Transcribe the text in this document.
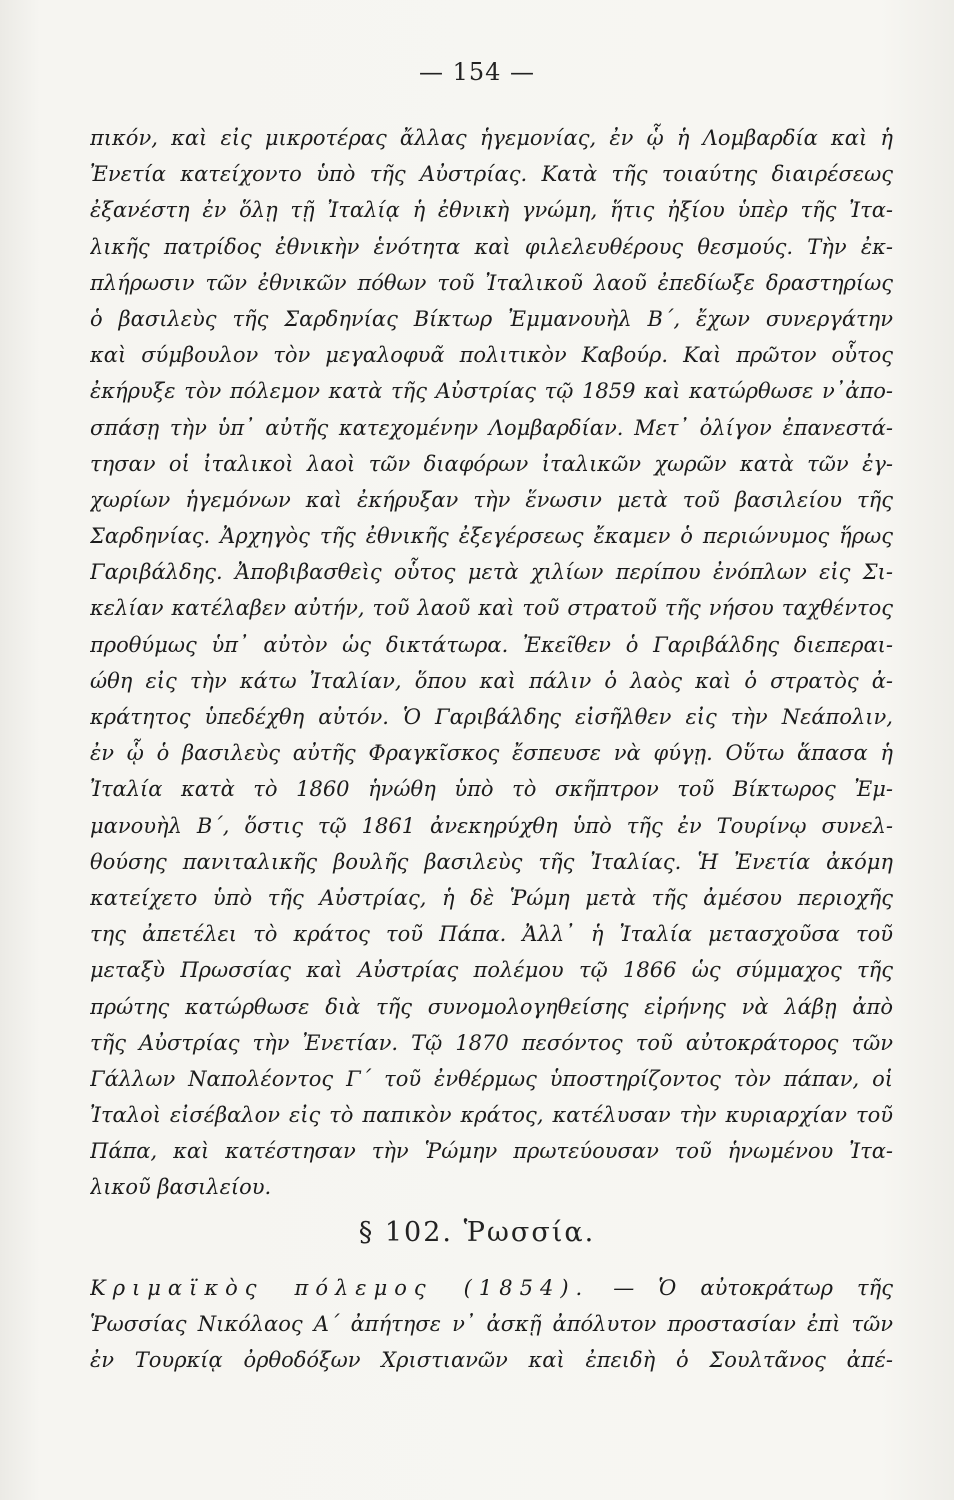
— 154 —
πικόν, καὶ εἰς μικροτέρας ἄλλας ἡγεμονίας, ἐν ᾧ ἡ Λομβαρδία καὶ ἡ
Ἐνετία κατείχοντο ὑπὸ τῆς Αὐστρίας. Κατὰ τῆς τοιαύτης διαιρέσεως
ἐξανέστη ἐν ὅλῃ τῇ Ἰταλίᾳ ἡ ἐθνικὴ γνώμη, ἥτις ἠξίου ὑπὲρ τῆς Ἰτα-
λικῆς πατρίδος ἐθνικὴν ἑνότητα καὶ φιλελευθέρους θεσμούς. Τὴν ἐκ-
πλήρωσιν τῶν ἐθνικῶν πόθων τοῦ Ἰταλικοῦ λαοῦ ἐπεδίωξε δραστηρίως
ὁ βασιλεὺς τῆς Σαρδηνίας Βίκτωρ Ἐμμανουὴλ Β΄, ἔχων συνεργάτην
καὶ σύμβουλον τὸν μεγαλοφυᾶ πολιτικὸν Καβούρ. Καὶ πρῶτον οὗτος
ἐκήρυξε τὸν πόλεμον κατὰ τῆς Αὐστρίας τῷ 1859 καὶ κατώρθωσε ν᾽ἀπο-
σπάσῃ τὴν ὑπ᾽ αὐτῆς κατεχομένην Λομβαρδίαν. Μετ᾽ ὀλίγον ἐπανεστά-
τησαν οἱ ἰταλικοὶ λαοὶ τῶν διαφόρων ἰταλικῶν χωρῶν κατὰ τῶν ἐγ-
χωρίων ἡγεμόνων καὶ ἐκήρυξαν τὴν ἕνωσιν μετὰ τοῦ βασιλείου τῆς
Σαρδηνίας. Ἀρχηγὸς τῆς ἐθνικῆς ἐξεγέρσεως ἔκαμεν ὁ περιώνυμος ἥρως
Γαριβάλδης. Ἀποβιβασθεὶς οὗτος μετὰ χιλίων περίπου ἐνόπλων εἰς Σι-
κελίαν κατέλαβεν αὐτήν, τοῦ λαοῦ καὶ τοῦ στρατοῦ τῆς νήσου ταχθέντος
προθύμως ὑπ᾽ αὐτὸν ὡς δικτάτωρα. Ἐκεῖθεν ὁ Γαριβάλδης διεπεραι-
ώθη εἰς τὴν κάτω Ἰταλίαν, ὅπου καὶ πάλιν ὁ λαὸς καὶ ὁ στρατὸς ἀ-
κράτητος ὑπεδέχθη αὐτόν. Ὁ Γαριβάλδης εἰσῆλθεν εἰς τὴν Νεάπολιν,
ἐν ᾧ ὁ βασιλεὺς αὐτῆς Φραγκῖσκος ἔσπευσε νὰ φύγῃ. Οὕτω ἅπασα ἡ
Ἰταλία κατὰ τὸ 1860 ἡνώθη ὑπὸ τὸ σκῆπτρον τοῦ Βίκτωρος Ἐμ-
μανουὴλ Β΄, ὅστις τῷ 1861 ἀνεκηρύχθη ὑπὸ τῆς ἐν Τουρίνῳ συνελ-
θούσης πανιταλικῆς βουλῆς βασιλεὺς τῆς Ἰταλίας. Ἡ Ἐνετία ἀκόμη
κατείχετο ὑπὸ τῆς Αὐστρίας, ἡ δὲ Ῥώμη μετὰ τῆς ἀμέσου περιοχῆς
της ἀπετέλει τὸ κράτος τοῦ Πάπα. Ἀλλ᾽ ἡ Ἰταλία μετασχοῦσα τοῦ
μεταξὺ Πρωσσίας καὶ Αὐστρίας πολέμου τῷ 1866 ὡς σύμμαχος τῆς
πρώτης κατώρθωσε διὰ τῆς συνομολογηθείσης εἰρήνης νὰ λάβῃ ἀπὸ
τῆς Αὐστρίας τὴν Ἐνετίαν. Τῷ 1870 πεσόντος τοῦ αὐτοκράτορος τῶν
Γάλλων Ναπολέοντος Γ΄ τοῦ ἐνθέρμως ὑποστηρίζοντος τὸν πάπαν, οἱ
Ἰταλοὶ εἰσέβαλον εἰς τὸ παπικὸν κράτος, κατέλυσαν τὴν κυριαρχίαν τοῦ
Πάπα, καὶ κατέστησαν τὴν Ῥώμην πρωτεύουσαν τοῦ ἡνωμένου Ἰτα-
λικοῦ βασιλείου.
§ 102. Ῥωσσία.
Κριμαϊκὸς πόλεμος (1854). — Ὁ αὐτοκράτωρ τῆς
Ῥωσσίας Νικόλαος Α΄ ἀπήτησε ν᾽ ἀσκῇ ἀπόλυτον προστασίαν ἐπὶ τῶν
ἐν Τουρκίᾳ ὀρθοδόξων Χριστιανῶν καὶ ἐπειδὴ ὁ Σουλτᾶνος ἀπέ-
